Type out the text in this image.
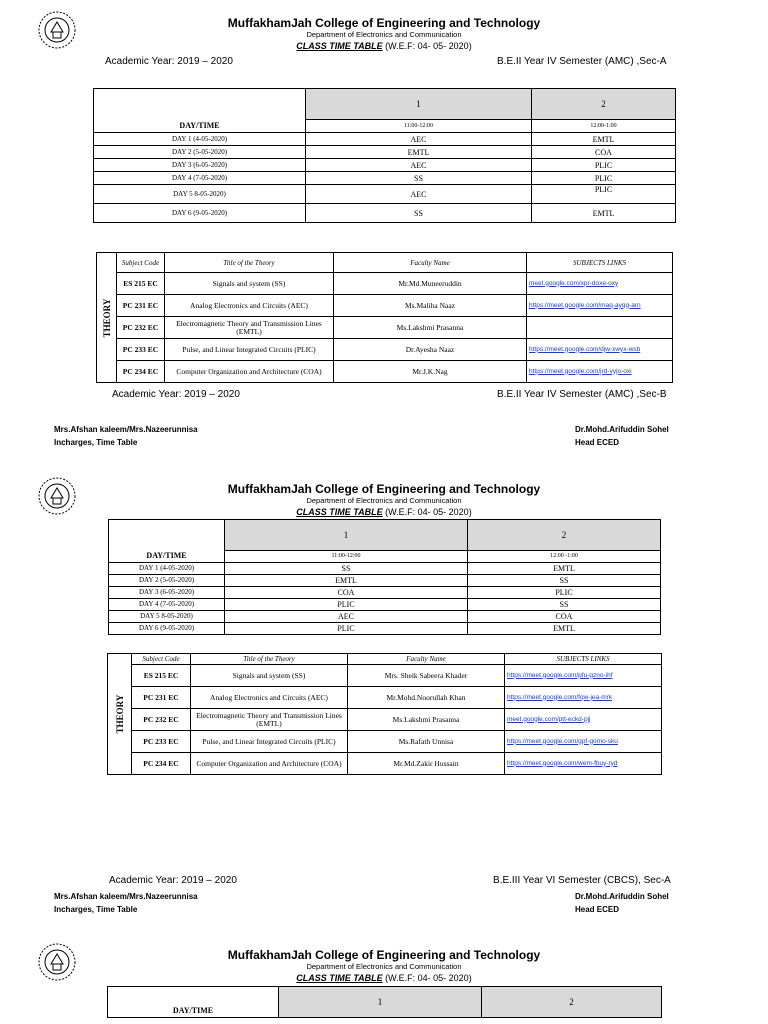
MuffakhamJah College of Engineering and Technology
Department of Electronics and Communication
CLASS TIME TABLE (W.E.F: 04- 05- 2020)
Academic Year: 2019 – 2020	B.E.II Year IV Semester (AMC) ,Sec-A
DAY/TIME	1	2
	11:00-12:00	12:00-1:00
DAY 1 (4-05-2020)	AEC	EMTL
DAY 2 (5-05-2020)	EMTL	COA
DAY 3 (6-05-2020)	AEC	PLIC
DAY 4 (7-05-2020)	SS	PLIC
DAY 5 8-05-2020)	AEC	PLIC
DAY 6 (9-05-2020)	SS	EMTL
THEORY	Subject Code	Title of the Theory	Faculty Name	SUBJECTS LINKS
	ES 215 EC	Signals and system (SS)	Mr.Md.Muneeruddin	meet.google.com/xpr-doxe-oxy
	PC 231 EC	Analog Electronics and Circuits (AEC)	Ms.Maliha Naaz	https://meet.google.com/maq-ayqg-arn
	PC 232 EC	Electromagnetic Theory and Transmission Lines (EMTL)	Ms.Lakshmi Prasanna	
	PC 233 EC	Pulse, and Linear Integrated Circuits (PLIC)	Dr.Ayesha Naaz	https://meet.google.com/djw-xwyx-wsb
	PC 234 EC	Computer Organization and Architecture (COA)	Mr.J.K.Nag	https://meet.google.com/jrd-vyjo-oxi
Academic Year: 2019 – 2020	B.E.II Year IV Semester (AMC) ,Sec-B
Mrs.Afshan kaleem/Mrs.Nazeerunnisa
Incharges, Time Table
Dr.Mohd.Arifuddin Sohel
Head ECED
MuffakhamJah College of Engineering and Technology
Department of Electronics and Communication
CLASS TIME TABLE (W.E.F: 04- 05- 2020)
DAY/TIME	1	2
	11:00-12:00	12:00 -1:00
DAY 1 (4-05-2020)	SS	EMTL
DAY 2 (5-05-2020)	EMTL	SS
DAY 3 (6-05-2020)	COA	PLIC
DAY 4 (7-05-2020)	PLIC	SS
DAY 5 8-05-2020)	AEC	COA
DAY 6 (9-05-2020)	PLIC	EMTL
THEORY	Subject Code	Title of the Theory	Faculty Name	SUBJECTS LINKS
	ES 215 EC	Signals and system (SS)	Mrs. Sheik Sabeera Khader	https://meet.google.com/pfu-gzno-ihf
	PC 231 EC	Analog Electronics and Circuits (AEC)	Mr.Mohd.Noorullah Khan	https://meet.google.com/fqw-jea-mrk
	PC 232 EC	Electromagnetic Theory and Transmission Lines (EMTL)	Ms.Lakshmi Prasanna	meet.google.com/ptt-eckd-pjj
	PC 233 EC	Pulse, and Linear Integrated Circuits (PLIC)	Ms.Rafath Unnisa	https://meet.google.com/gpf-gomo-sku
	PC 234 EC	Computer Organization and Architecture (COA)	Mr.Md.Zakir Hussain	https://meet.google.com/wem-fbuy-ryd
Academic Year: 2019 – 2020	B.E.III Year VI Semester (CBCS), Sec-A
Mrs.Afshan kaleem/Mrs.Nazeerunnisa
Incharges, Time Table
Dr.Mohd.Arifuddin Sohel
Head ECED
MuffakhamJah College of Engineering and Technology
Department of Electronics and Communication
CLASS TIME TABLE (W.E.F: 04- 05- 2020)
DAY/TIME	1	2
